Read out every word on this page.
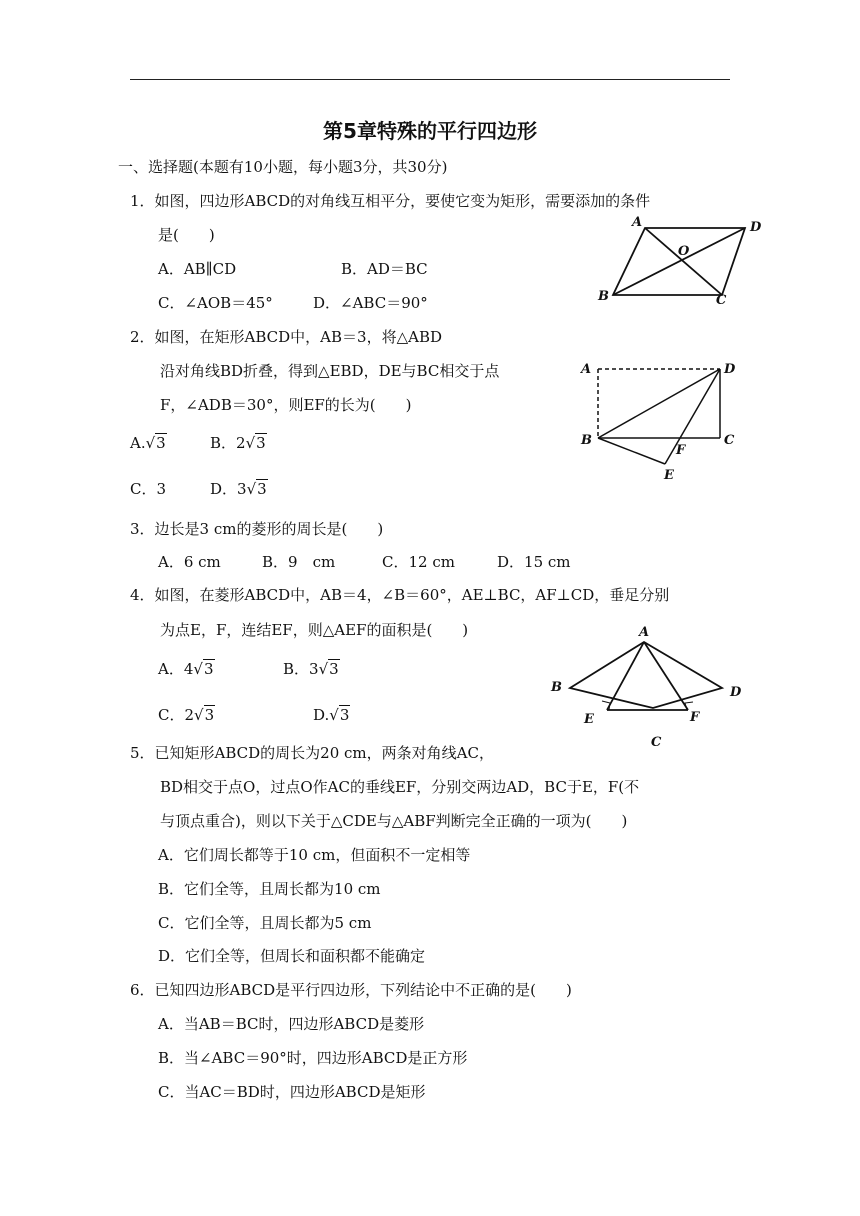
第5章特殊的平行四边形
一、选择题(本题有10小题，每小题3分，共30分)
1．如图，四边形ABCD的对角线互相平分，要使它变为矩形，需要添加的条件
是(　　)
A．AB∥CD	B．AD＝BC
C．∠AOB＝45°	D．∠ABC＝90°
A	D
O
B	C
2．如图，在矩形ABCD中，AB＝3，将△ABD
沿对角线BD折叠，得到△EBD，DE与BC相交于点
F，∠ADB＝30°，则EF的长为(　　)
A.√3	B．2√3
C．3	D．3√3
A	D
B	C
F
E
3．边长是3 cm的菱形的周长是(　　)
A．6 cm	B．9　cm	C．12 cm	D．15 cm
4．如图，在菱形ABCD中，AB＝4，∠B＝60°，AE⊥BC，AF⊥CD，垂足分别
为点E，F，连结EF，则△AEF的面积是(　　)
A．4√3	B．3√3
C．2√3	D.√3
A
B	D
E	F
C
5．已知矩形ABCD的周长为20 cm，两条对角线AC，
BD相交于点O，过点O作AC的垂线EF，分别交两边AD，BC于E，F(不
与顶点重合)，则以下关于△CDE与△ABF判断完全正确的一项为(　　)
A．它们周长都等于10 cm，但面积不一定相等
B．它们全等，且周长都为10 cm
C．它们全等，且周长都为5 cm
D．它们全等，但周长和面积都不能确定
6．已知四边形ABCD是平行四边形，下列结论中不正确的是(　　)
A．当AB＝BC时，四边形ABCD是菱形
B．当∠ABC＝90°时，四边形ABCD是正方形
C．当AC＝BD时，四边形ABCD是矩形
